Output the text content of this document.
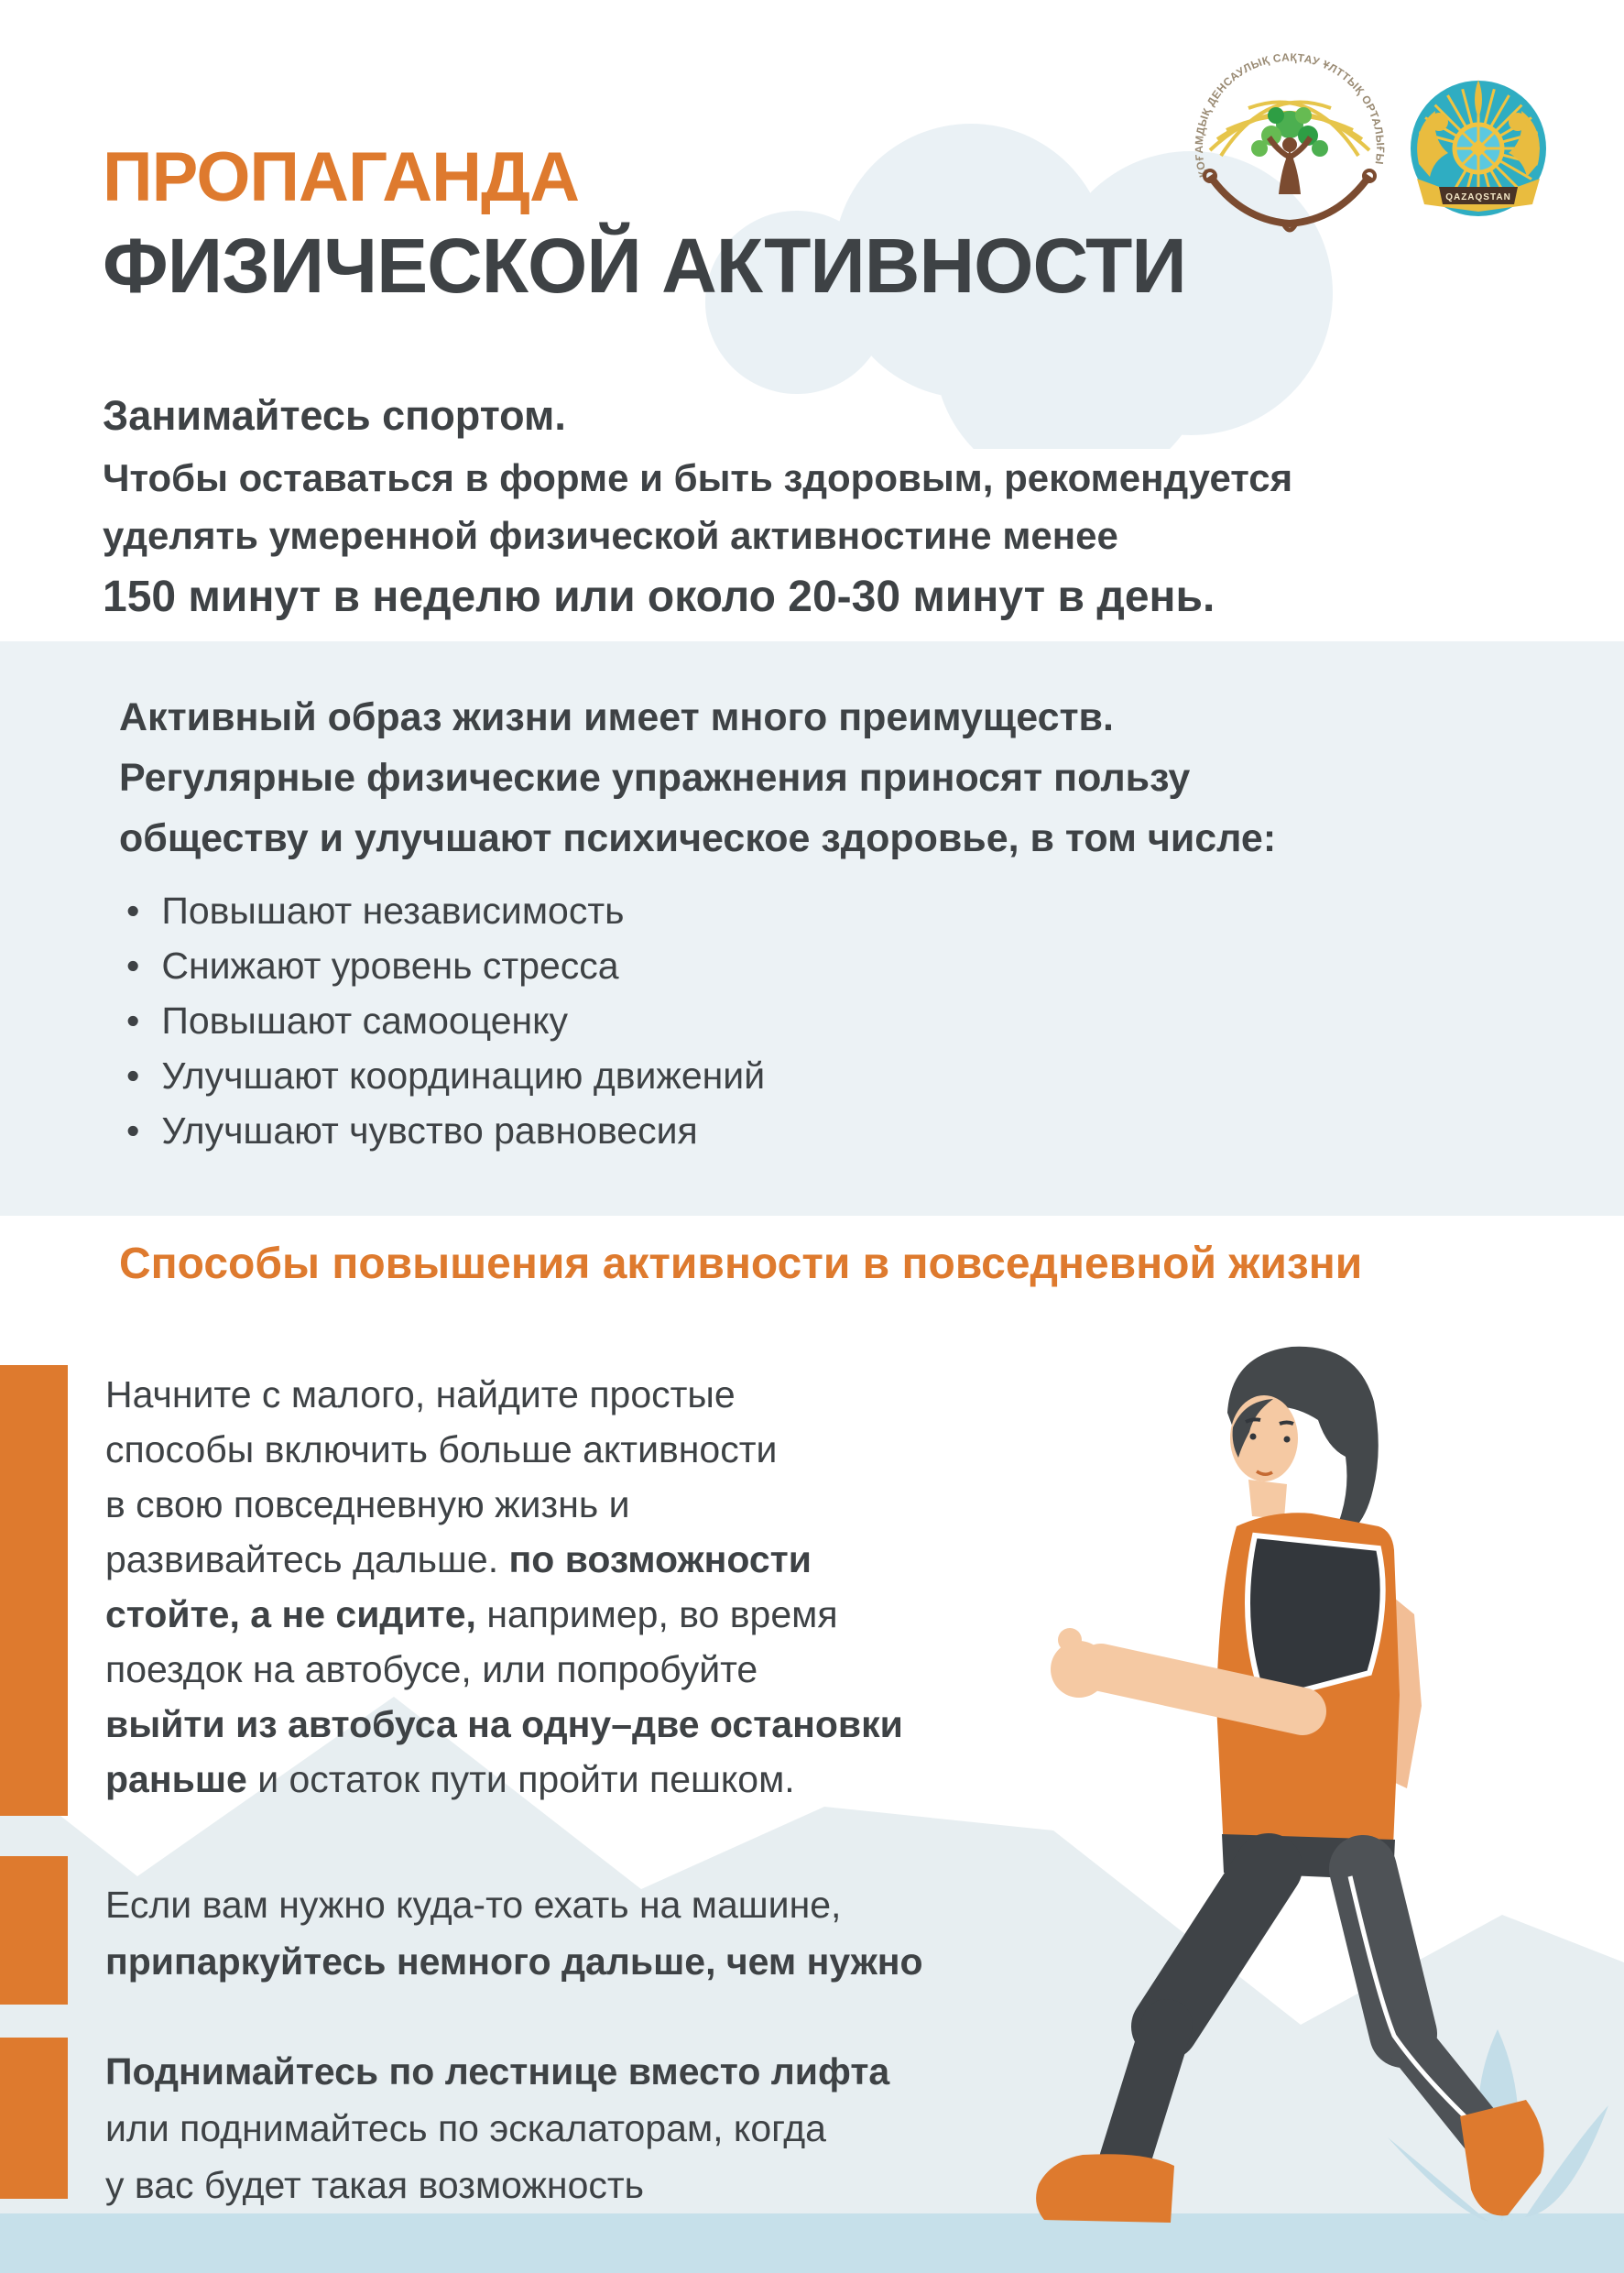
ПРОПАГАНДА
ФИЗИЧЕСКОЙ АКТИВНОСТИ
ҚОҒАМДЫҚ ДЕНСАУЛЫҚ САҚТАУ ҰЛТТЫҚ ОРТАЛЫҒЫ
QAZAQSTAN
Занимайтесь спортом.
Чтобы оставаться в форме и быть здоровым, рекомендуется
уделять умеренной физической активностине менее
150 минут в неделю или около 20-30 минут в день.
Активный образ жизни имеет много преимуществ.
Регулярные физические упражнения приносят пользу
обществу и улучшают психическое здоровье, в том числе:
• Повышают независимость
• Снижают уровень стресса
• Повышают самооценку
• Улучшают координацию движений
• Улучшают чувство равновесия
Способы повышения активности в повседневной жизни
Начните с малого, найдите простые
способы включить больше активности
в свою повседневную жизнь и
развивайтесь дальше. по возможности
стойте, а не сидите, например, во время
поездок на автобусе, или попробуйте
выйти из автобуса на одну–две остановки
раньше и остаток пути пройти пешком.
Если вам нужно куда-то ехать на машине,
припаркуйтесь немного дальше, чем нужно
Поднимайтесь по лестнице вместо лифта
или поднимайтесь по эскалаторам, когда
у вас будет такая возможность
